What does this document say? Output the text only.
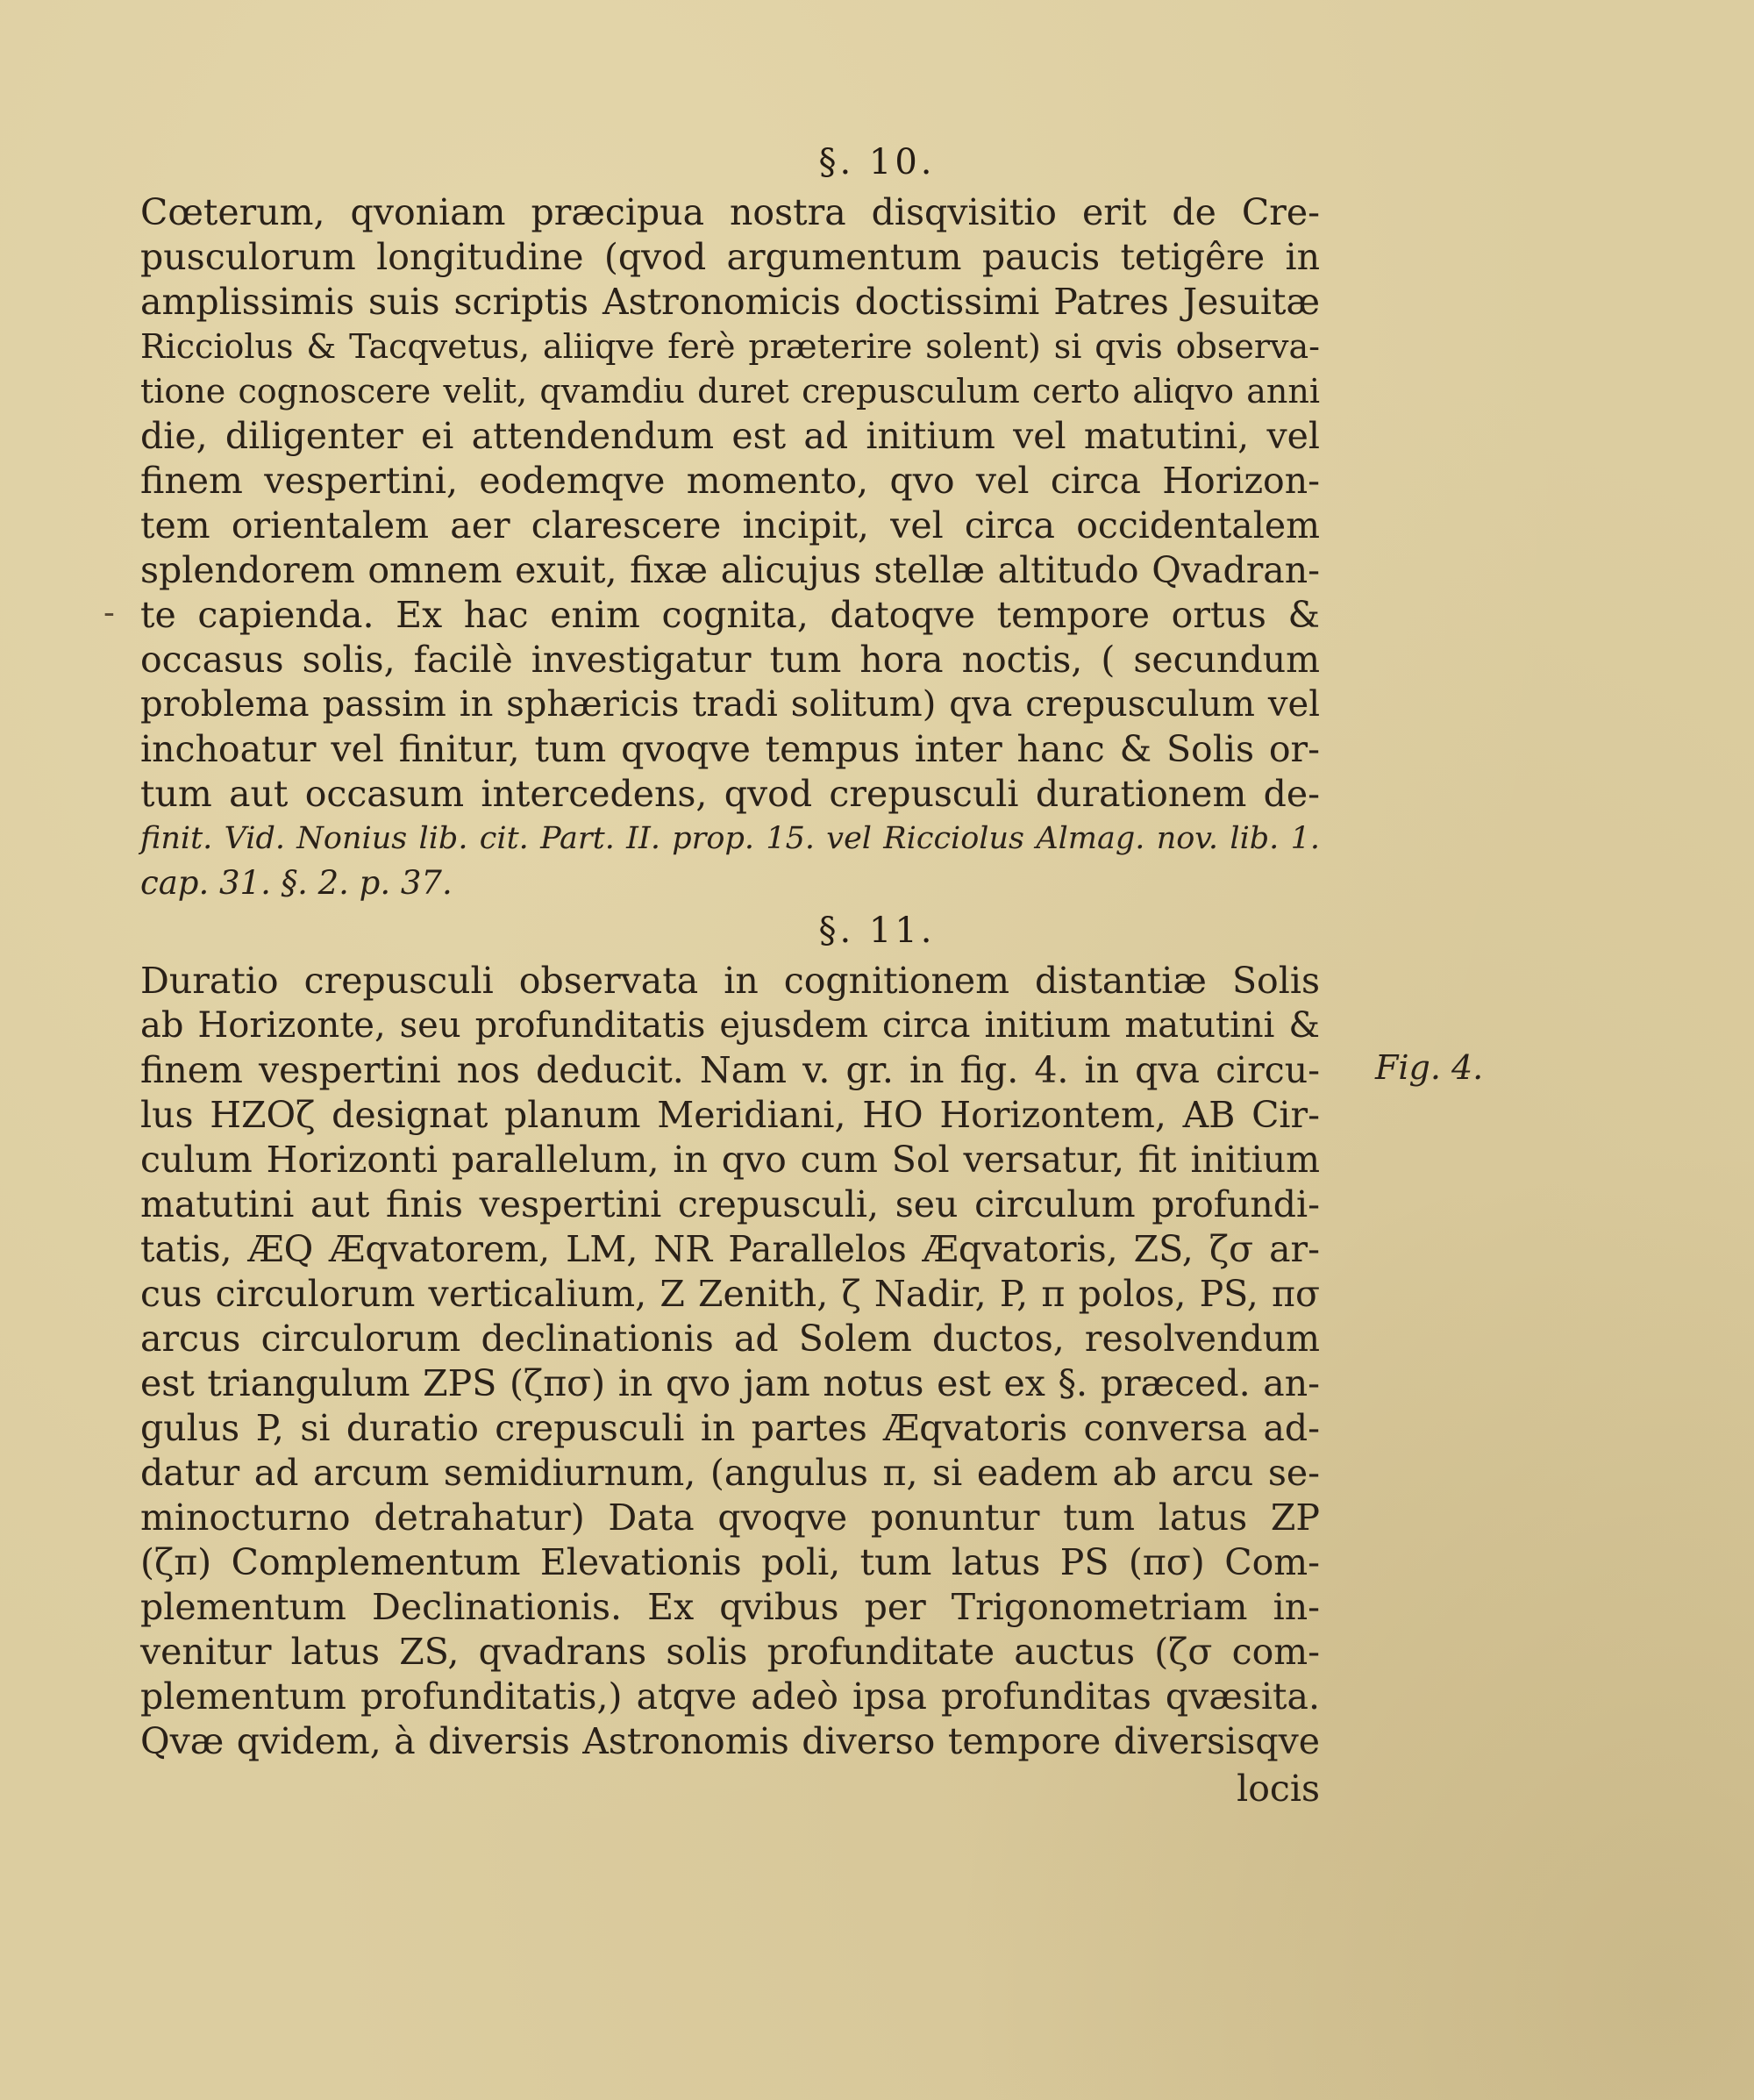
§. 10.
Cœterum, qvoniam præcipua nostra disqvisitio erit de Cre-
pusculorum longitudine (qvod argumentum paucis tetigêre in
amplissimis suis scriptis Astronomicis doctissimi Patres Jesuitæ
Ricciolus & Tacqvetus, aliiqve ferè præterire solent) si qvis observa-
tione cognoscere velit, qvamdiu duret crepusculum certo aliqvo anni
die, diligenter ei attendendum est ad initium vel matutini, vel
finem vespertini, eodemqve momento, qvo vel circa Horizon-
tem orientalem aer clarescere incipit, vel circa occidentalem
splendorem omnem exuit, fixæ alicujus stellæ altitudo Qvadran-
te capienda. Ex hac enim cognita, datoqve tempore ortus &
occasus solis, facilè investigatur tum hora noctis, ( secundum
problema passim in sphæricis tradi solitum) qva crepusculum vel
inchoatur vel finitur, tum qvoqve tempus inter hanc & Solis or-
tum aut occasum intercedens, qvod crepusculi durationem de-
finit. Vid. Nonius lib. cit. Part. II. prop. 15. vel Ricciolus Almag. nov. lib. 1.
cap. 31. §. 2. p. 37.
§. 11.
Duratio crepusculi observata in cognitionem distantiæ Solis
ab Horizonte, seu profunditatis ejusdem circa initium matutini &
finem vespertini nos deducit. Nam v. gr. in fig. 4. in qva circu-
lus HZOζ designat planum Meridiani, HO Horizontem, AB Cir-
culum Horizonti parallelum, in qvo cum Sol versatur, fit initium
matutini aut finis vespertini crepusculi, seu circulum profundi-
tatis, ÆQ Æqvatorem, LM, NR Parallelos Æqvatoris, ZS, ζσ ar-
cus circulorum verticalium, Z Zenith, ζ Nadir, P, π polos, PS, πσ
arcus circulorum declinationis ad Solem ductos, resolvendum
est triangulum ZPS (ζπσ) in qvo jam notus est ex §. præced. an-
gulus P, si duratio crepusculi in partes Æqvatoris conversa ad-
datur ad arcum semidiurnum, (angulus π, si eadem ab arcu se-
minocturno detrahatur) Data qvoqve ponuntur tum latus ZP
(ζπ) Complementum Elevationis poli, tum latus PS (πσ) Com-
plementum Declinationis. Ex qvibus per Trigonometriam in-
venitur latus ZS, qvadrans solis profunditate auctus (ζσ com-
plementum profunditatis,) atqve adeò ipsa profunditas qvæsita.
Qvæ qvidem, à diversis Astronomis diverso tempore diversisqve
locis
Fig. 4.
-
